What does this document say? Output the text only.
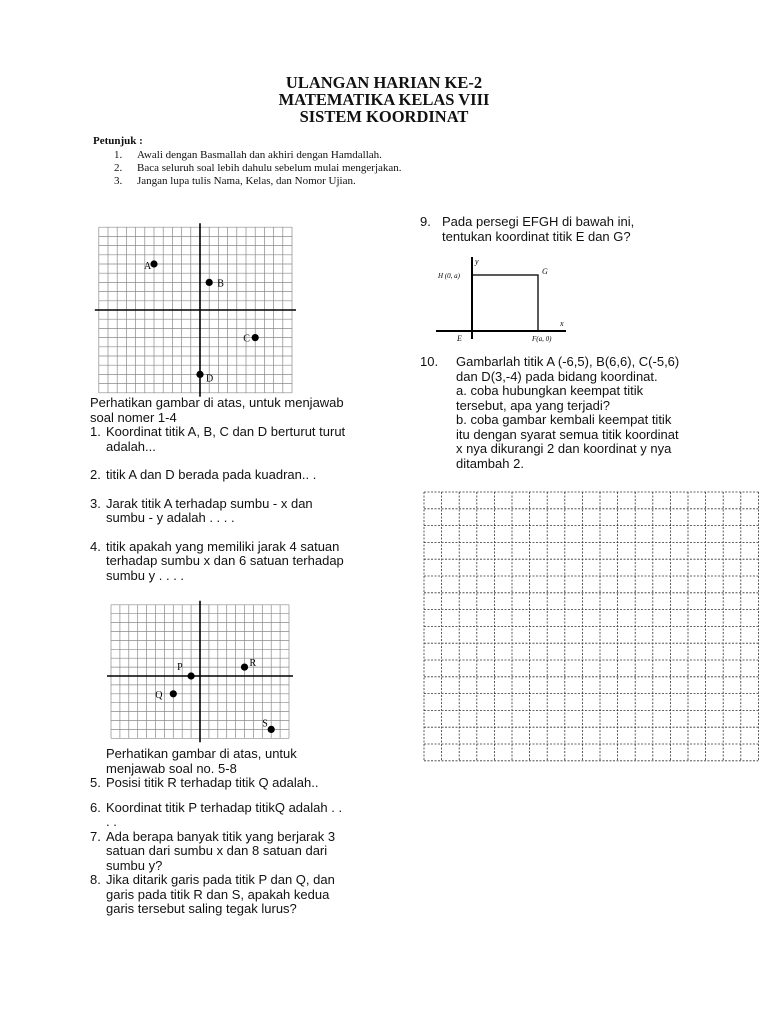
ULANGAN HARIAN KE-2
MATEMATIKA KELAS VIII
SISTEM KOORDINAT
Petunjuk :
1. Awali dengan Basmallah dan akhiri dengan Hamdallah.
2. Baca seluruh soal lebih dahulu sebelum mulai mengerjakan.
3. Jangan lupa tulis Nama, Kelas, dan Nomor Ujian.
A
B
C
D
Perhatikan gambar di atas, untuk menjawab
soal nomer 1-4
1. Koordinat titik A, B, C dan D berturut turut
adalah...
2. titik A dan D berada pada kuadran.. .
3. Jarak titik A terhadap sumbu - x dan
sumbu - y adalah . . . .
4. titik apakah yang memiliki jarak 4 satuan
terhadap sumbu x dan 6 satuan terhadap
sumbu y . . . .
P	R
Q
S
Perhatikan gambar di atas, untuk
menjawab soal no. 5-8
5. Posisi titik R terhadap titik Q adalah..
6. Koordinat titik P terhadap titikQ adalah . .
. .
7. Ada berapa banyak titik yang berjarak 3
satuan dari sumbu x dan 8 satuan dari
sumbu y?
8. Jika ditarik garis pada titik P dan Q, dan
garis pada titik R dan S, apakah kedua
garis tersebut saling tegak lurus?
9. Pada persegi EFGH di bawah ini,
tentukan koordinat titik E dan G?
y
x
H (0, a)	G
E	F(a, 0)
10. Gambarlah titik A (-6,5), B(6,6), C(-5,6)
dan D(3,-4) pada bidang koordinat.
a. coba hubungkan keempat titik
tersebut, apa yang terjadi?
b. coba gambar kembali keempat titik
itu dengan syarat semua titik koordinat
x nya dikurangi 2 dan koordinat y nya
ditambah 2.
